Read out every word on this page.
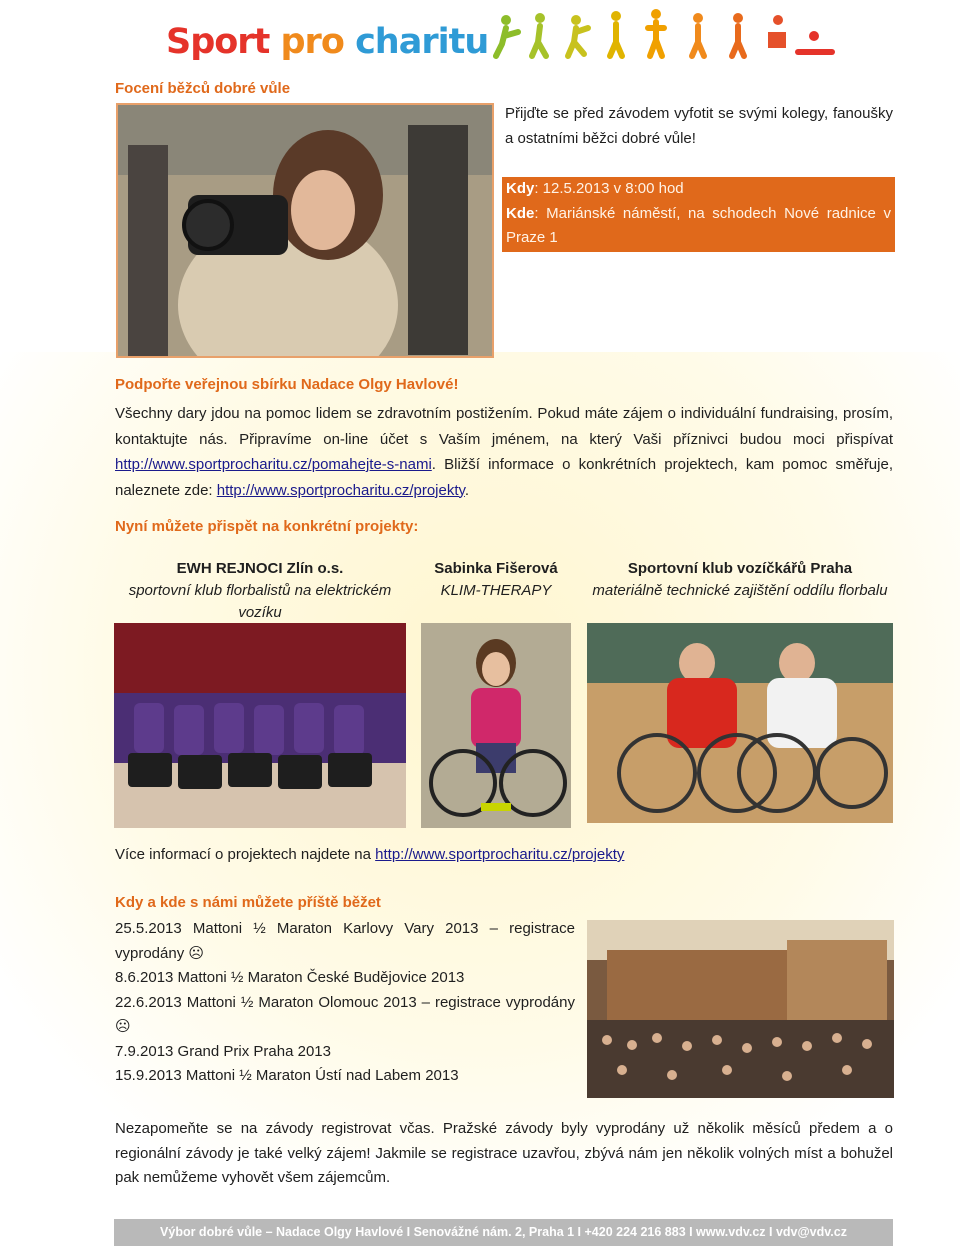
Sport pro charitu
Focení běžců dobré vůle
Přijďte se před závodem vyfotit se svými kolegy, fanoušky a ostatními běžci dobré vůle!
Kdy: 12.5.2013 v 8:00 hod
Kde: Mariánské náměstí, na schodech Nové radnice v Praze 1
Podpořte veřejnou sbírku Nadace Olgy Havlové!
Všechny dary jdou na pomoc lidem se zdravotním postižením. Pokud máte zájem o individuální fundraising, prosím, kontaktujte nás. Připravíme on-line účet s Vaším jménem, na který Vaši příznivci budou moci přispívat http://www.sportprocharitu.cz/pomahejte-s-nami. Bližší informace o konkrétních projektech, kam pomoc směřuje, naleznete zde: http://www.sportprocharitu.cz/projekty.
Nyní můžete přispět na konkrétní projekty:
EWH REJNOCI Zlín o.s.
sportovní klub florbalistů na elektrickém vozíku
Sabinka Fišerová
KLIM-THERAPY
Sportovní klub vozíčkářů Praha
materiálně technické zajištění oddílu florbalu
Více informací o projektech najdete na http://www.sportprocharitu.cz/projekty
Kdy a kde s námi můžete příště běžet
25.5.2013 Mattoni ½ Maraton Karlovy Vary 2013 – registrace vyprodány ☹
8.6.2013 Mattoni ½ Maraton České Budějovice 2013
22.6.2013 Mattoni ½ Maraton Olomouc 2013 – registrace vyprodány ☹
7.9.2013 Grand Prix Praha 2013
15.9.2013 Mattoni ½ Maraton Ústí nad Labem 2013
Nezapomeňte se na závody registrovat včas. Pražské závody byly vyprodány už několik měsíců předem a o regionální závody je také velký zájem! Jakmile se registrace uzavřou, zbývá nám jen několik volných míst a bohužel pak nemůžeme vyhovět všem zájemcům.
Výbor dobré vůle – Nadace Olgy Havlové I Senovážné nám. 2, Praha 1 I +420 224 216 883 I www.vdv.cz I vdv@vdv.cz
